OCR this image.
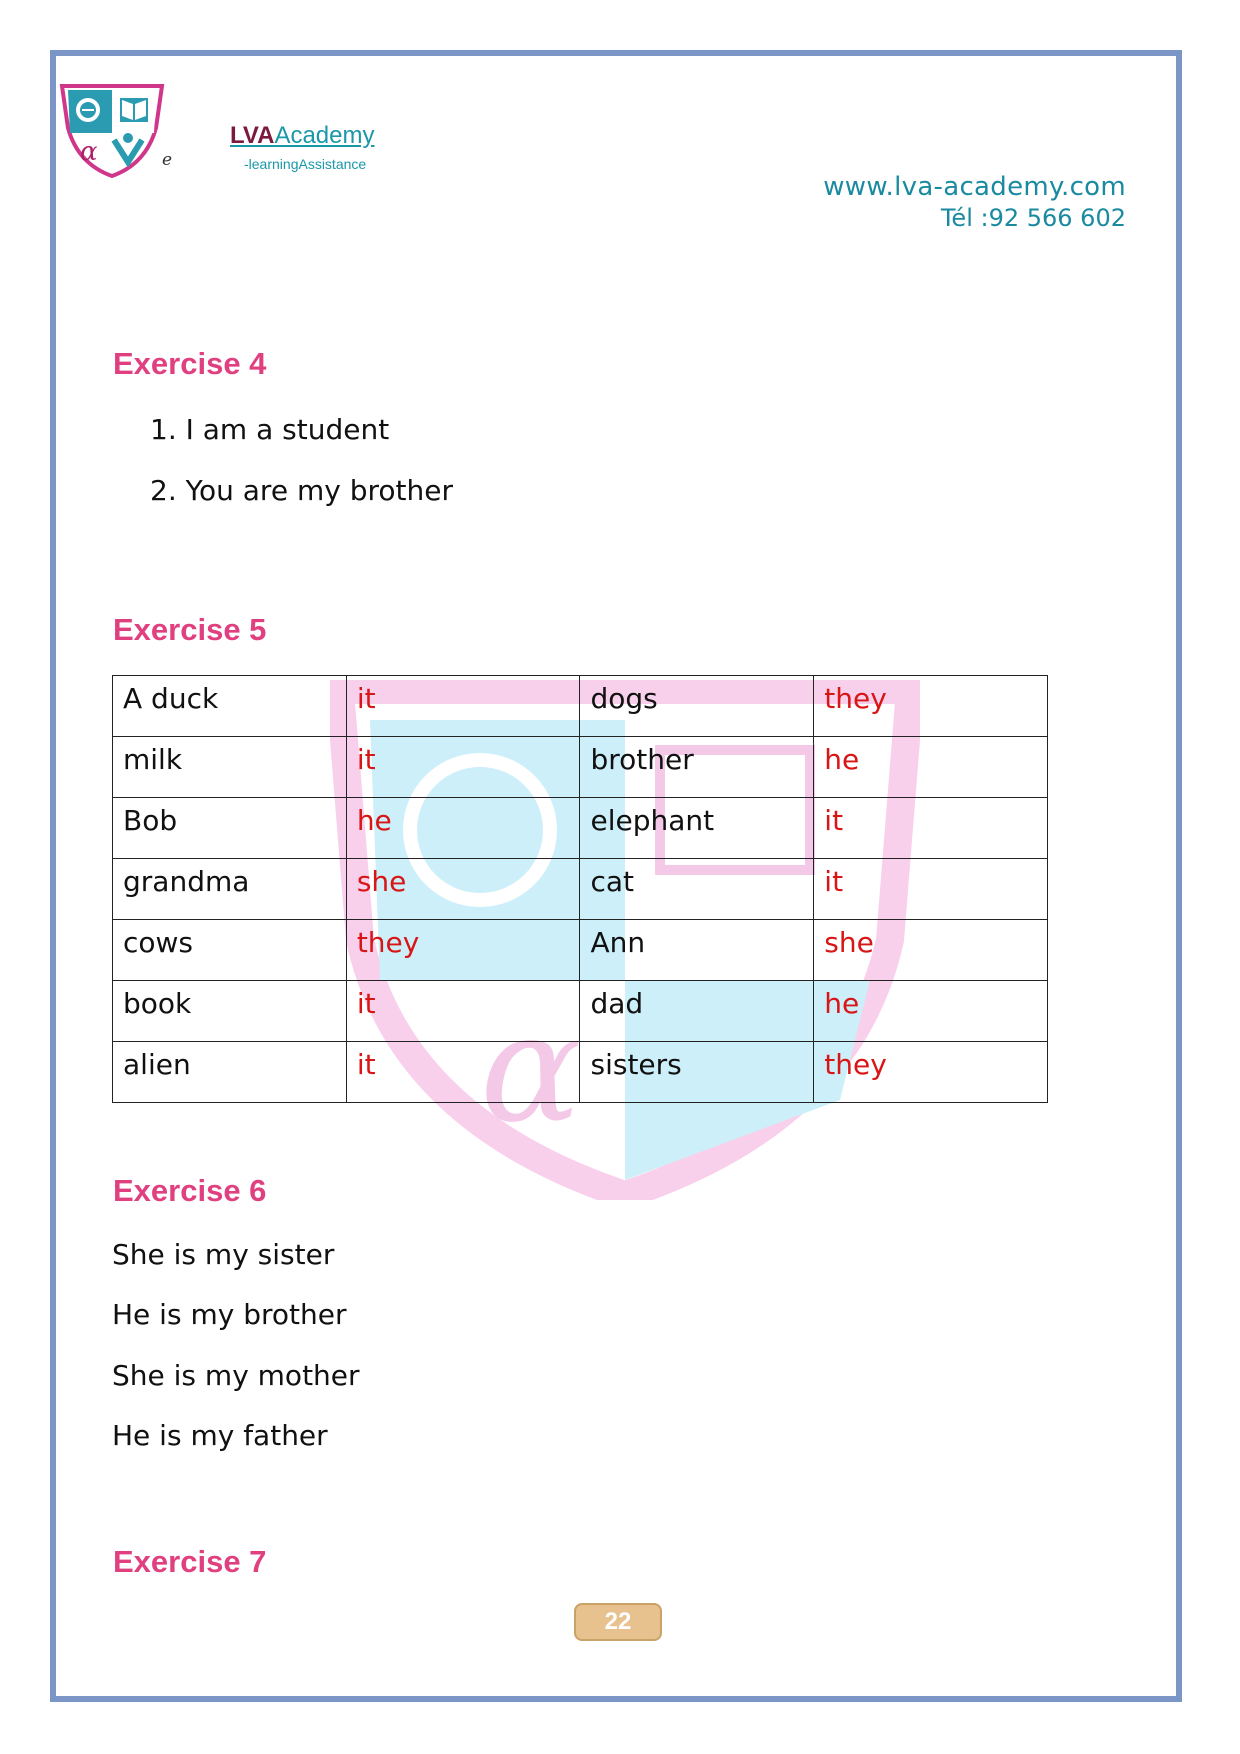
α	e
LVAAcademy
-learningAssistance
www.lva-academy.com
Tél :92 566 602
Exercise 4
1. I am a student
2. You are my brother
Exercise 5
α
A duck	it	dogs	they
milk	it	brother	he
Bob	he	elephant	it
grandma	she	cat	it
cows	they	Ann	she
book	it	dad	he
alien	it	sisters	they
Exercise 6
She is my sister
He is my brother
She is my mother
He is my father
Exercise 7
22
